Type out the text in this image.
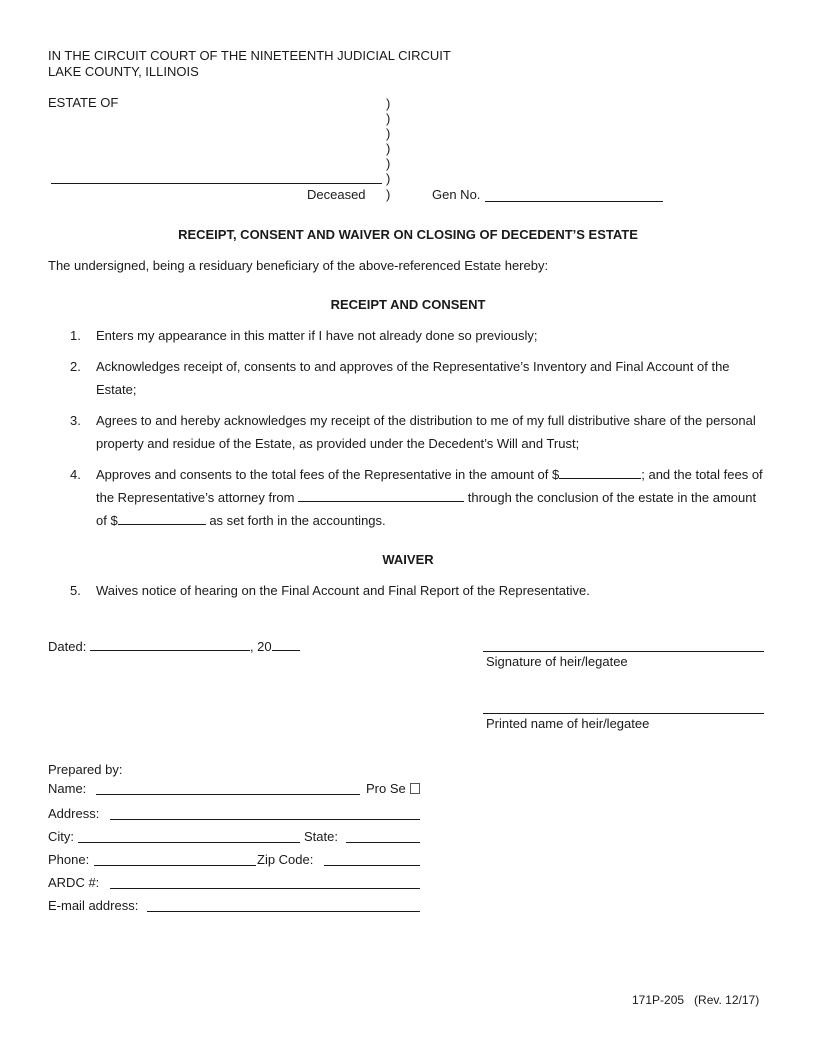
IN THE CIRCUIT COURT OF THE NINETEENTH JUDICIAL CIRCUIT
LAKE COUNTY, ILLINOIS
ESTATE OF	)
)
)
)
)
)
)
Deceased	Gen No.
RECEIPT, CONSENT AND WAIVER ON CLOSING OF DECEDENT’S ESTATE
The undersigned, being a residuary beneficiary of the above-referenced Estate hereby:
RECEIPT AND CONSENT
1. Enters my appearance in this matter if I have not already done so previously;
2. Acknowledges receipt of, consents to and approves of the Representative’s Inventory and Final Account of the
Estate;
3. Agrees to and hereby acknowledges my receipt of the distribution to me of my full distributive share of the personal
property and residue of the Estate, as provided under the Decedent’s Will and Trust;
4. Approves and consents to the total fees of the Representative in the amount of $	; and the total fees of
the Representative’s attorney from	through the conclusion of the estate in the amount
of $	as set forth in the accountings.
WAIVER
5. Waives notice of hearing on the Final Account and Final Report of the Representative.
Dated:	, 20
Signature of heir/legatee
Printed name of heir/legatee
Prepared by:
Name:	Pro Se
Address:
City:	State:
Phone:	Zip Code:
ARDC #:
E-mail address:
171P-205   (Rev. 12/17)
